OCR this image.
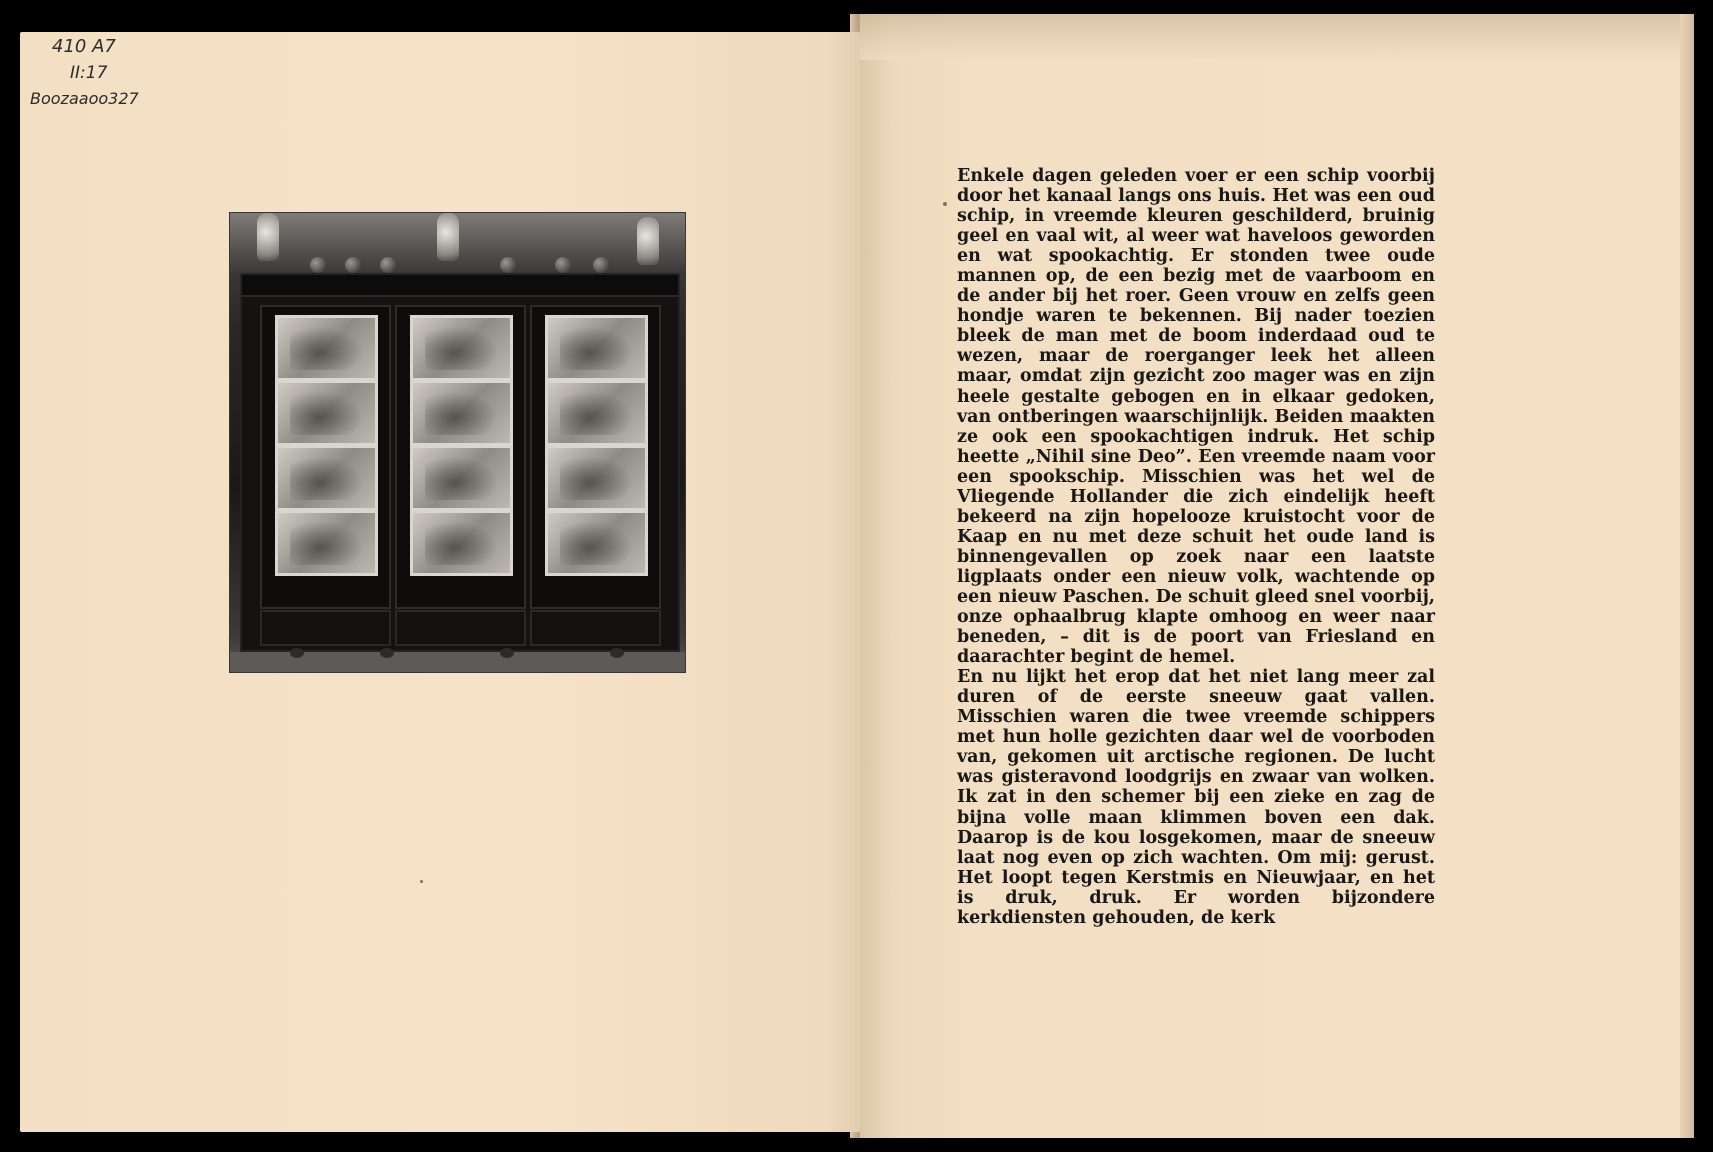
410 A7
II:17
Boozaaoo327
Enkele dagen geleden voer er een schip voorbij door het kanaal langs ons huis. Het was een oud schip, in vreemde kleuren geschilderd, bruinig geel en vaal wit, al weer wat haveloos geworden en wat spookachtig. Er stonden twee oude mannen op, de een bezig met de vaarboom en de ander bij het roer. Geen vrouw en zelfs geen hondje waren te bekennen. Bij nader toezien bleek de man met de boom inderdaad oud te wezen, maar de roerganger leek het alleen maar, omdat zijn gezicht zoo mager was en zijn heele gestalte gebogen en in elkaar gedoken, van ontberingen waarschijnlijk. Beiden maakten ze ook een spookachtigen indruk. Het schip heette „Nihil sine Deo”. Een vreemde naam voor een spookschip. Misschien was het wel de Vliegende Hollander die zich eindelijk heeft bekeerd na zijn hopelooze kruistocht voor de Kaap en nu met deze schuit het oude land is binnengevallen op zoek naar een laatste ligplaats onder een nieuw volk, wachtende op een nieuw Paschen. De schuit gleed snel voorbij, onze ophaalbrug klapte omhoog en weer naar beneden, – dit is de poort van Friesland en daarachter begint de hemel.
En nu lijkt het erop dat het niet lang meer zal duren of de eerste sneeuw gaat vallen. Misschien waren die twee vreemde schippers met hun holle gezichten daar wel de voorboden van, gekomen uit arctische regionen. De lucht was gisteravond loodgrijs en zwaar van wolken. Ik zat in den schemer bij een zieke en zag de bijna volle maan klimmen boven een dak. Daarop is de kou losgekomen, maar de sneeuw laat nog even op zich wachten. Om mij: gerust. Het loopt tegen Kerstmis en Nieuwjaar, en het is druk, druk. Er worden bijzondere kerkdiensten gehouden, de kerk
